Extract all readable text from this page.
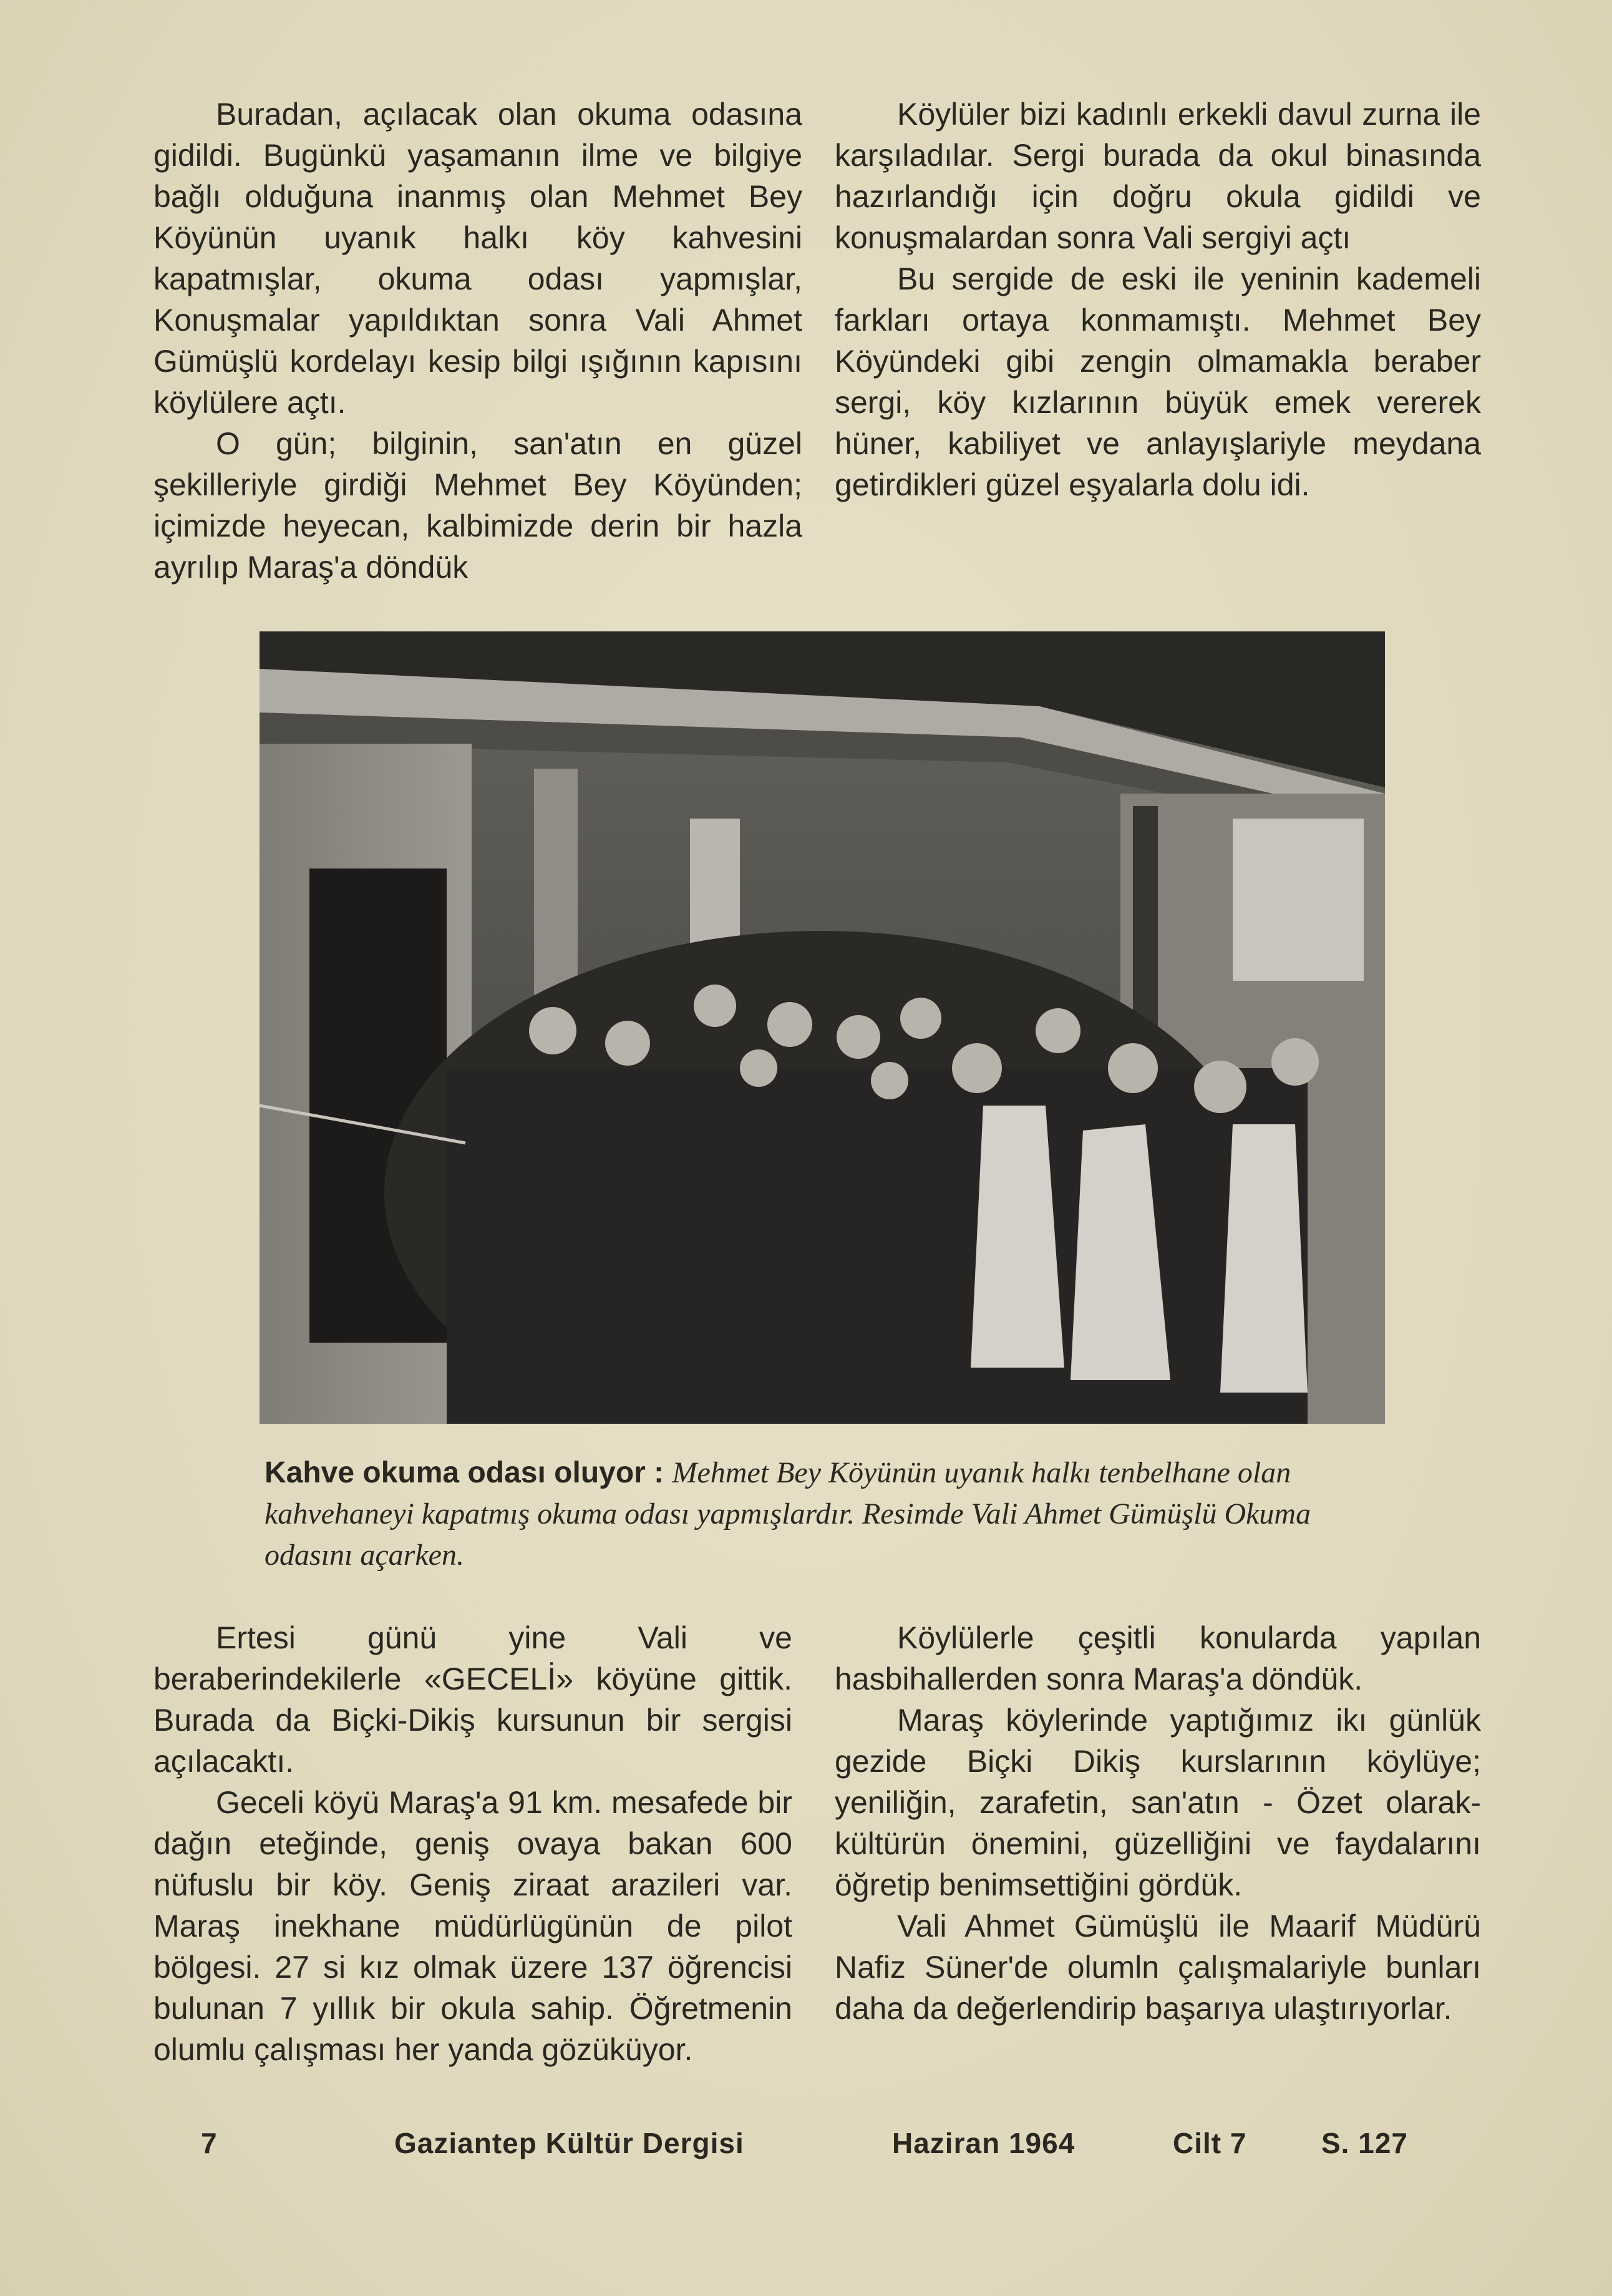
Buradan, açılacak olan okuma odasına gidildi. Bugünkü yaşamanın ilme ve bilgiye bağlı olduğuna inanmış olan Mehmet Bey Köyünün uyanık halkı köy kahvesini kapatmışlar, okuma odası yapmışlar, Konuşmalar yapıldıktan sonra Vali Ahmet Gümüşlü kordelayı kesip bilgi ışığının kapısını köylülere açtı.

O gün; bilginin, san'atın en güzel şekilleriyle girdiği Mehmet Bey Köyünden; içimizde heyecan, kalbimizde derin bir hazla ayrılıp Maraş'a döndük

Köylüler bizi kadınlı erkekli davul zurna ile karşıladılar. Sergi burada da okul binasında hazırlandığı için doğru okula gidildi ve konuşmalardan sonra Vali sergiyi açtı

Bu sergide de eski ile yeninin kademeli farkları ortaya konmamıştı. Mehmet Bey Köyündeki gibi zengin olmamakla beraber sergi, köy kızlarının büyük emek vererek hüner, kabiliyet ve anlayışlariyle meydana getirdikleri güzel eşyalarla dolu idi.

Kahve okuma odası oluyor : Mehmet Bey Köyünün uyanık halkı tenbelhane olan kahvehaneyi kapatmış okuma odası yapmışlardır. Resimde Vali Ahmet Gümüşlü Okuma odasını açarken.

Ertesi günü yine Vali ve beraberindekilerle «GECELİ» köyüne gittik. Burada da Biçki-Dikiş kursunun bir sergisi açılacaktı.

Geceli köyü Maraş'a 91 km. mesafede bir dağın eteğinde, geniş ovaya bakan 600 nüfuslu bir köy. Geniş ziraat arazileri var. Maraş inekhane müdürlügünün de pilot bölgesi. 27 si kız olmak üzere 137 öğrencisi bulunan 7 yıllık bir okula sahip. Öğretmenin olumlu çalışması her yanda gözüküyor.

Köylülerle çeşitli konularda yapılan hasbihallerden sonra Maraş'a döndük.

Maraş köylerinde yaptığımız ikı günlük gezide Biçki Dikiş kurslarının köylüye; yeniliğin, zarafetin, san'atın - Özet olarak-kültürün önemini, güzelliğini ve faydalarını öğretip benimsettiğini gördük.

Vali Ahmet Gümüşlü ile Maarif Müdürü Nafiz Süner'de olumln çalışmalariyle bunları daha da değerlendirip başarıya ulaştırıyorlar.

7	Gaziantep Kültür Dergisi	Haziran 1964	Cilt 7	S. 127
